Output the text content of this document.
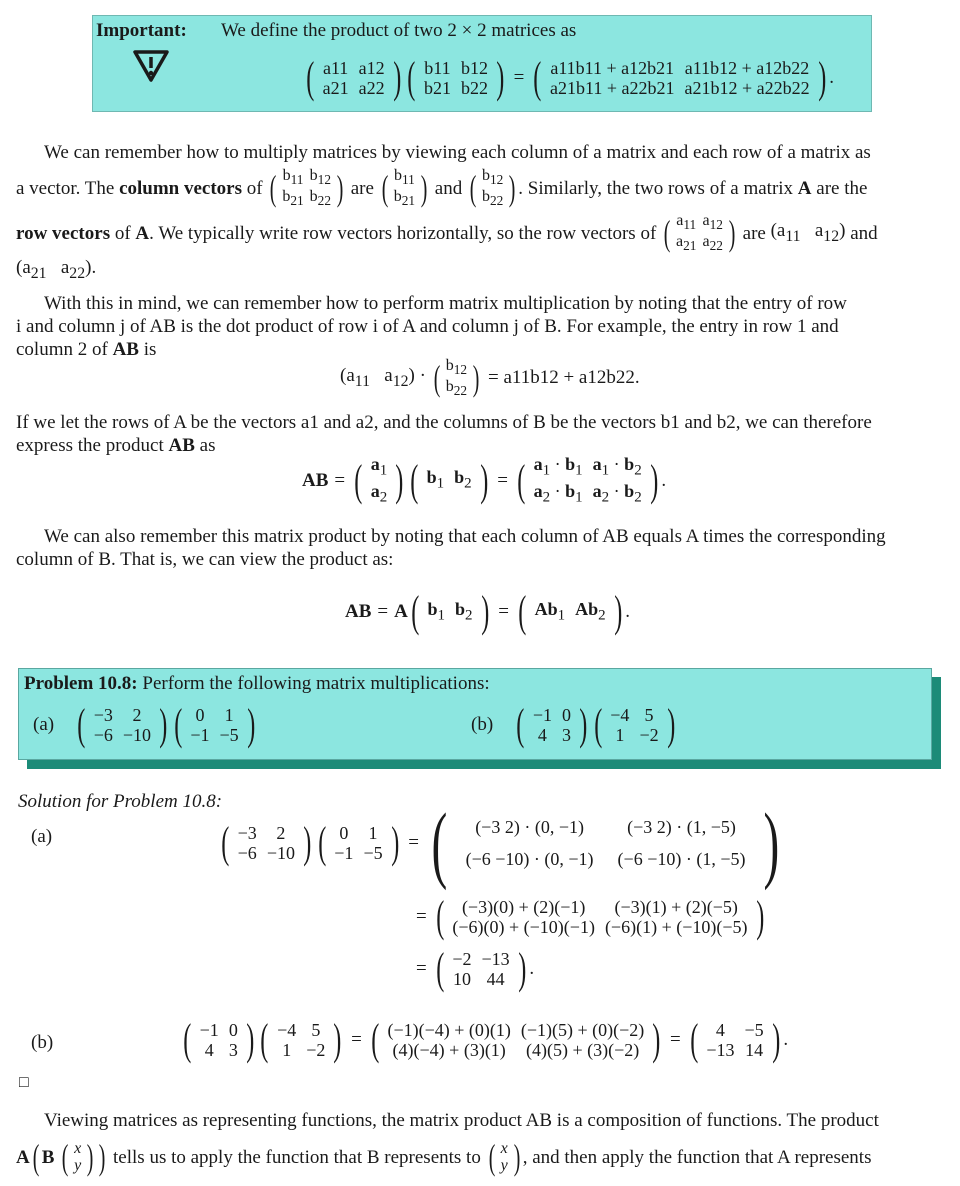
Important: We define the product of two 2 × 2 matrices as
( a11	a12
a21	a22 ) ( b11	b12
b21	b22 ) = ( a11b11 + a12b21	a11b12 + a12b22
a21b11 + a22b21	a21b12 + a22b22 ) .

We can remember how to multiply matrices by viewing each column of a matrix and each row of a matrix as

a vector. The
column vectors
of
( $b_{11}$	$b_{12}$
$b_{21}$	$b_{22}$ )
are
( $b_{11}$
$b_{21}$ )
and
( $b_{12}$
$b_{22}$ ) . Similarly, the two rows of a matrix
A
are the
row vectors
of
A . We typically write row vectors horizontally, so the row vectors of
( $a_{11}$	$a_{12}$
$a_{21}$	$a_{22}$ )
are
($a_{11}$   $a_{12}$)
and
($a_{21}$   $a_{22}$).

With this in mind, we can remember how to perform matrix multiplication by noting that the entry of row

i and column j of AB is the dot product of row i of A and column j of B. For example, the entry in row 1 and

column 2 of AB is

($a_{11}$   $a_{12}$) · ( $b_{12}$
$b_{22}$ ) = a11b12 + a12b22.

If we let the rows of A be the vectors a1 and a2, and the columns of B be the vectors b1 and b2, we can therefore

express the product AB as

AB = ( $a_1$
$a_2$ ) ( $b_1$	$b_2$ ) = ( $a_1 \cdot b_1$	$a_1 \cdot b_2$
$a_2 \cdot b_1$	$a_2 \cdot b_2$ ) .

We can also remember this matrix product by noting that each column of AB equals A times the corresponding

column of B. That is, we can view the product as:

AB = A ( $b_1$	$b_2$ ) = ( $Ab_1$	$Ab_2$ ) .
Problem 10.8: Perform the following matrix multiplications:
(a) ( −3	2
−6	−10 ) ( 0	1
−1	−5 )	(b) ( −1	0
4	3 ) ( −4	5
1	−2 )
Solution for Problem 10.8:
(a)	( −3	2
−6	−10 ) ( 0	1
−1	−5 ) = ( (−3 2) · (0, −1)	(−3 2) · (1, −5)
(−6 −10) · (0, −1)	(−6 −10) · (1, −5) )
= ( (−3)(0) + (2)(−1)	(−3)(1) + (2)(−5)
(−6)(0) + (−10)(−1)	(−6)(1) + (−10)(−5) )
= ( −2	−13
10	44 ) .
(b)	( −1	0
4	3 ) ( −4	5
1	−2 ) = ( (−1)(−4) + (0)(1)	(−1)(5) + (0)(−2)
(4)(−4) + (3)(1)	(4)(5) + (3)(−2) ) = ( 4	−5
−13	14 ) .
□

Viewing matrices as representing functions, the matrix product AB is a composition of functions. The product

A ( B
( x
y ) )
tells us to apply the function that B represents to
( x
y ) , and then apply the function that A represents
